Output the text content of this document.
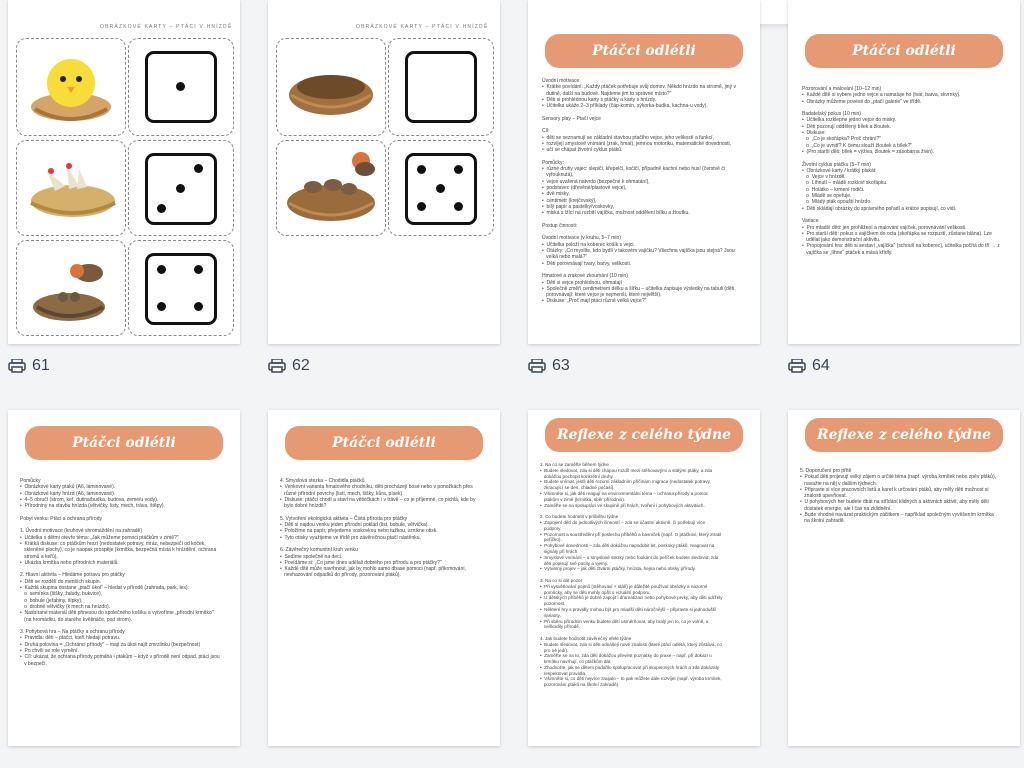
OBRÁZKOVÉ KARTY – PTÁCI V HNÍZDĚ
61
OBRÁZKOVÉ KARTY – PTÁCI V HNÍZDĚ
62
Ptáčci odlétli
Úvodní motivace
•  Krátké povídání: „Každý ptáček potřebuje svůj domov. Někdo hnízdo na stromě, jiný v
dutině, další na budově. Najdeme jim to správné místo?"
•  Děti si prohlédnou karty s ptáčky a karty s hnízdy.
•  Učitelka ukáže 2–3 příklady (čáp-komín, sýkorka-budka, kachna-u vody).

Sensory play – Ptačí vejce

Cíl:
•  děti se seznamují se základní stavbou ptačího vejce, jeho velikostí a funkcí,
•  rozvíjejí smyslové vnímání (zrak, hmat), jemnou motoriku, matematické dovednosti,
•  učí se chápat životní cyklus ptáků.

Pomůcky:
•  různé druhy vajec: slepičí, křepelčí, kočičí, případně kachní nebo husí (čerstvě či
vyfouknutá),
•  vejce uvařená natvrdo (bezpečné k ohmatání),
•  podstavec (dřevěné/plastové vejce),
•  dvě misky,
•  centimetr (krejčovský),
•  bílý papír a pastelky/voskovky,
•  miska s lžící na rozbití vajíčka, možnost oddělení bílku a žloutku.

Postup činnosti:

Úvodní motivace (v kruhu, 5–7 min)
•  Učitelka položí na koberec košík s vejci.
•  Otázky: „Co myslíte, kdo bydlí v takovém vajíčku? Všechna vajíčka jsou stejná? Jsou
velká nebo malá?"
•  Děti porovnávají tvary, barvy, velikosti.

Hmatové a zrakové zkoumání (10 min)
•  Děti si vejce prohlédnou, ohmatají
•  Společně změří centimetrem délku a šířku – učitelka zapisuje výsledky na tabuli (děti
porovnávají: které vejce je nejmenší, které největší).
•  Diskuse: „Proč mají ptáci různě velká vejce?"
63
Ptáčci odlétli
Pozorování a malování (10–12 min)
•  Každé dítě si vybere jedno vejce a namaluje ho (tvar, barva, skvrnky).
•  Obrázky můžeme povésit do „ptačí galerie" ve třídě.

Badatelský pokus (10 min)
•  Učitelka rozklepne jedno vejce do misky.
•  Děti pozorují oddělený bílek a žloutek.
•  Diskuse:
o  „Co je skořápka? Proč chrání?"
o  „Co je uvnitř? K čemu slouží žloutek a bílek?"
•  (Pro starší děti: bílek = výživa, žloutek = zásobárna živin).

Životní cyklus ptáčku (5–7 min)
•  Obrázkové karty / krátký plakát:
o  Vejce v hnízdě.
o  Líhnutí – mládě rozklovl skořápku.
o  Holátko – krmení rodiči.
o  Mládě se opeřuje.
o  Mládý pták opouští hnízdo.
•  Děti skládají obrázky do správného pořadí a krátce popisují, co vidí.

Variace
•  Pro mladší děti: jen prohlížení a malování vajíček, porovnávání velikosti.
•  Pro starší děti: pokus s vajíčkem do octa (skořápka se rozpustí, zůstane blána). Lze
udělat jako demonstrační aktivitu.
•  Propojování hra: děti si sestaví „vajíčka" (schoulí na koberec), učitelka počítá do tří → z
vajíčka se „líhne" ptáček a mává křídly.
64
Ptáčci odlétli
Pomůcky
•  Obrázkové karty ptáků (A6, laminované).
•  Obrázkové karty hnízd (A6, laminované).
•  4–5 obručí (strom, keř, dutina/budka, budova, zemé/u vody).
•  Přírodniny na stavbu hnízda (větvičky, listy, mech, tráva, štěpy).

Pobyt venku: Ptáci a ochrana přírody

1. Úvodní motivace (kruhové shromáždění na zahradě)
•  Učitelka s dětmi otevře téma: „Jak můžeme pomoci ptáčkům v zimě?"
•  Krátká diskuse: co ptáčkům hrozí (nedostatek potravy, mráz, nebezpečí od koček,
skleněné plochy), co je naopak prospěje (krmítka, bezpečná místa k hnízdění, ochrana
stromů a keřů).
•  Ukázka krmítka nebo přírodních materiálů.

2. Hlavní aktivita – Hledáme potravu pro ptáčky
•  Děti se rozdělí do menších skupin.
•  Každá skupina dostane „ptačí úkol" – hledat v přírodě (zahrada, park, les):
o  semínka (šišky, žaludy, bukvice),
o  bobule (jeřabiny, šípky),
o  drobné větvičky (k mech na hnízdo).
•  Nasbírané materiál děti přinesou do společného košíku a vytvoříme „přírodní krmítko"
(na hromádku, do starého květináče, pod strom).

3. Pohybová hra – Na ptáčky a ochranu přírody
•  Pravidla: děti – ptáčci, kteří hledají potravu.
•  Druhá polovina = „Ochránci přírody" – mají za úkol najít zmrzlinku (bezpečnost)
•  Po chvíli se role vymění.
•  Cíl: ukázat, že ochrana přírody pomáhá i ptákům – když v přírodě není odpad, ptáci jsou
v bezpečí.
Ptáčci odlétli
4. Smyslová stezka – Chodidla ptáčků
•  Venkovní varianta hmatového chodníku, děti procházejí bosé nebo v ponožkách přes
různé přírodní povrchy (listí, mech, šišky, kůra, písek).
•  Diskuse: ptáčci chodí a staví na větvičkách i v trávě – co je příjemné, co pichlá, kde by
bylo dobré hnízdit?

5. Vytvoření ekologická aktivita – Čistá příroda pro ptáčky
•  Děti si najdou venku jeden přírodní poklad (list, bobule, větvička).
•  Položíme na papír, přejedeme voskovkou nebo tužkou, vznikne otisk.
•  Tyto otisky využijeme ve třídě pro závěrečnou ptačí nástěnku.

6. Závěrečný komunitní kruh venku
•  Sedíme společně na deci.
•  Povídáme si: „Co jsme dnes udělali dobrého pro přírodu a pro ptáčky?"
•  Každé dítě může navrhnout, jak by mohlo samo dbase pomoci (např. přikrmování,
nevhazování odpadků do přírody, pozorování ptáků).
Reflexe z celého týdne
1. Na co se zaměřte během týdne
•  Budete sledovat, zda si děti chápou rozdíl mezi stěhovavými a stálými ptáky, a zda
dokážou pochopit konkrétní druhy.
•  Budete vnímat, jestli děti rozumí základním příčinám migrace (nedostatek potravy,
zkracující se den, chladné počasí).
•  Všimněte si, jak děti reagují na environmentální téma – ochrana přírody a pomoc
ptákům v zimě (krmítka, sběr přírodnin).
•  Zaměřte se na spolupráci ve skupině při hrách, tvoření i pohybových aktivitách.

2. Co budete hodnotit v průběhu týdne
•  Zapojení dětí do jednotlivých činností – zda se účastní aktivně, či potřebují více
podpory.
•  Pozornost a soustředění při poslechu příběhů a básniček (např. O ptáčkovi, který ztratil
peříčko).
•  Pohybové dovednosti – zda děti dokážou napodobit let, poskoky ptáků, reagovat na
signály při hrách.
•  Smyslové vnímání – u smyslové stezky nebo foukání do peříček budete sledovat, zda
děti popisují své pocity a vjemy.
•  Výtvarný projev – jak děti ztvární ptáčky, hnízda, hejna nebo otisky přírody.

3. Na co si dát pozor
•  Při vysvětlování pojmů (stěhovaví × stálí) je důležité používat obrázky a názorné
pomůcky, aby se děti mohly opřít o vizuální podporu.
•  U dětských příběhů je dobré zapojit i dramatizaci nebo pohybové prvky, aby děti udržely
pozornost.
•  Některé hry s pravidly mohou být pro mladší děti náročnější – připravte si jednodušší
varianty.
•  Při sběru přírodnin venku budete dětí usměrňovat, aby bralý jen to, co je volně, a
neškodily přírodě.

4. Jak budete hodnotit závěrečný efekt týdne
•  Budete sledovat, zda si děti odnášejí nové znalosti (které ptáci odlétá, který zůstává, co
pro ně jedí).
•  Zaměřte se na to, zda děti dokážou převést poznatky do praxe – např. při dokazi u
krmítku navrhují, co ptáčkům dát.
•  Zhodnoťte, jak se dětem podařilo spolupracovat při skupinových hrách a zda dokázaly
respektovat pravidla.
•  Všimněte si, co děti nejvíce zaujalo – to pak můžete dále rozvíjet (např. výroba krmítek,
pozorování ptáků na školní zahradě).
Reflexe z celého týdne
5. Doporučení pro přítě
•  Pokud děti projevují velký zájem o určité téma (např. výroba krmítek nebo zpěv ptáků),
navažte na něj v dalším týdnech.
•  Připravte si více pracovních listů a karet k určování ptáků, aby měly děti možnost si
znalosti upevňovat.
•  U pohybových her budete dbát na střídání klidných a aktivních aktivit, aby měly děti
dostatek energie, ale i čas na zklidnění.
•  Bude vhodné navázat praktickým záčitkem – například společným vyvěšením krmítka
na školní zahradě.
